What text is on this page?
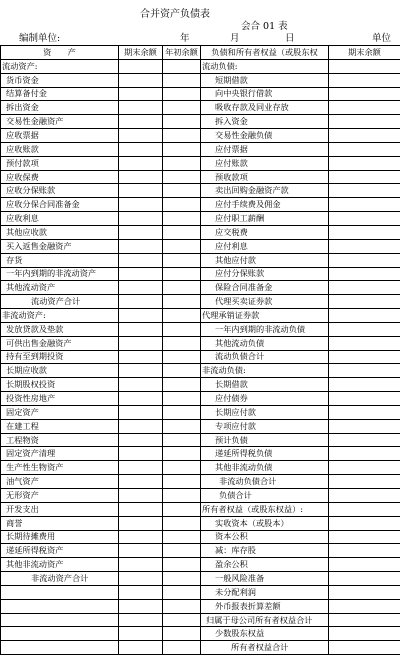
合并资产负债表
会合 01 表
编制单位:	年	月	日	单位
资　　产	期末余额	年初余额	负债和所有者权益（或股东权	期末余额
流动资产:			流动负债:	
货币资金			短期借款	
结算备付金			向中央银行借款	
拆出资金			吸收存款及同业存放	
交易性金融资产			拆入资金	
应收票据			交易性金融负债	
应收账款			应付票据	
预付款项			应付账款	
应收保费			预收款项	
应收分保账款			卖出回购金融资产款	
应收分保合同准备金			应付手续费及佣金	
应收利息			应付职工薪酬	
其他应收款			应交税费	
买入返售金融资产			应付利息	
存货			其他应付款	
一年内到期的非流动资产			应付分保账款	
其他流动资产			保险合同准备金	
流动资产合计			代理买卖证券款	
非流动资产:			代理承销证券款	
发放贷款及垫款			一年内到期的非流动负债	
可供出售金融资产			其他流动负债	
持有至到期投资			流动负债合计	
长期应收款			非流动负债:	
长期股权投资			长期借款	
投资性房地产			应付债券	
固定资产			长期应付款	
在建工程			专项应付款	
工程物资			预计负债	
固定资产清理			递延所得税负债	
生产性生物资产			其他非流动负债	
油气资产			非流动负债合计	
无形资产			负债合计	
开发支出			所有者权益（或股东权益）:	
商誉			实收资本（或股本）	
长期待摊费用			资本公积	
递延所得税资产			减：库存股	
其他非流动资产			盈余公积	
非流动资产合计			一般风险准备	
			未分配利润	
			外币报表折算差额	
			归属于母公司所有者权益合计	
			少数股东权益	
			所有者权益合计	
